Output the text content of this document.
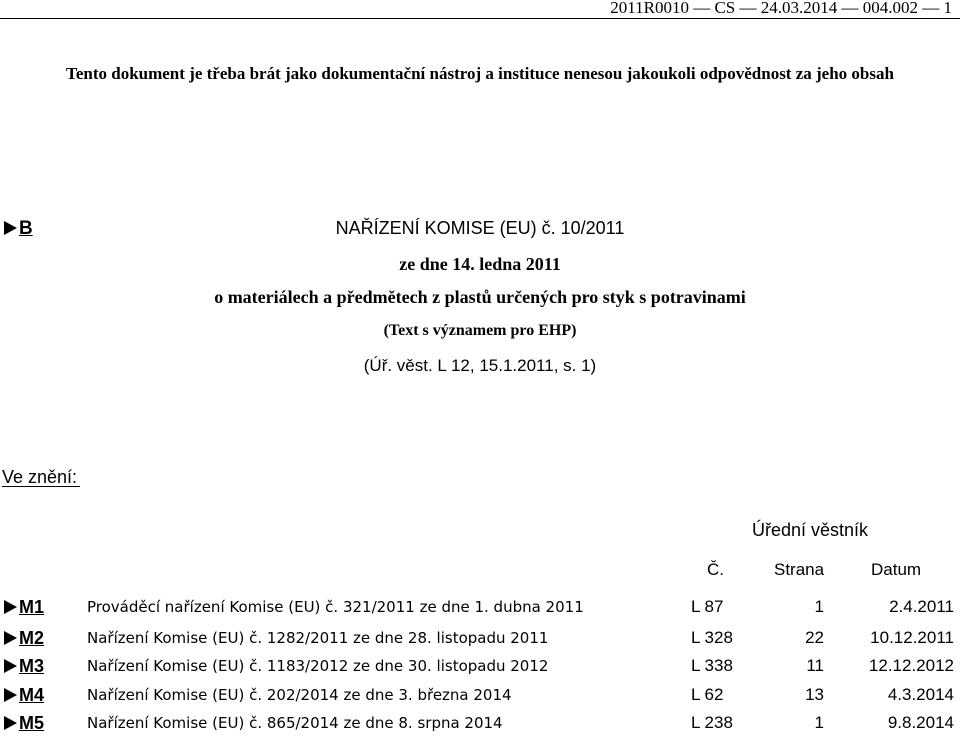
2011R0010 — CS — 24.03.2014 — 004.002 — 1
Tento dokument je třeba brát jako dokumentační nástroj a instituce nenesou jakoukoli odpovědnost za jeho obsah
B	NAŘÍZENÍ KOMISE (EU) č. 10/2011
ze dne 14. ledna 2011
o materiálech a předmětech z plastů určených pro styk s potravinami
(Text s významem pro EHP)
(Úř. věst. L 12, 15.1.2011, s. 1)
Ve znění:
Úřední věstník
Č.	Strana	Datum
M1	Prováděcí nařízení Komise (EU) č. 321/2011 ze dne 1. dubna 2011	L 87	1	2.4.2011
M2	Nařízení Komise (EU) č. 1282/2011 ze dne 28. listopadu 2011	L 328	22	10.12.2011
M3	Nařízení Komise (EU) č. 1183/2012 ze dne 30. listopadu 2012	L 338	11	12.12.2012
M4	Nařízení Komise (EU) č. 202/2014 ze dne 3. března 2014	L 62	13	4.3.2014
M5	Nařízení Komise (EU) č. 865/2014 ze dne 8. srpna 2014	L 238	1	9.8.2014
